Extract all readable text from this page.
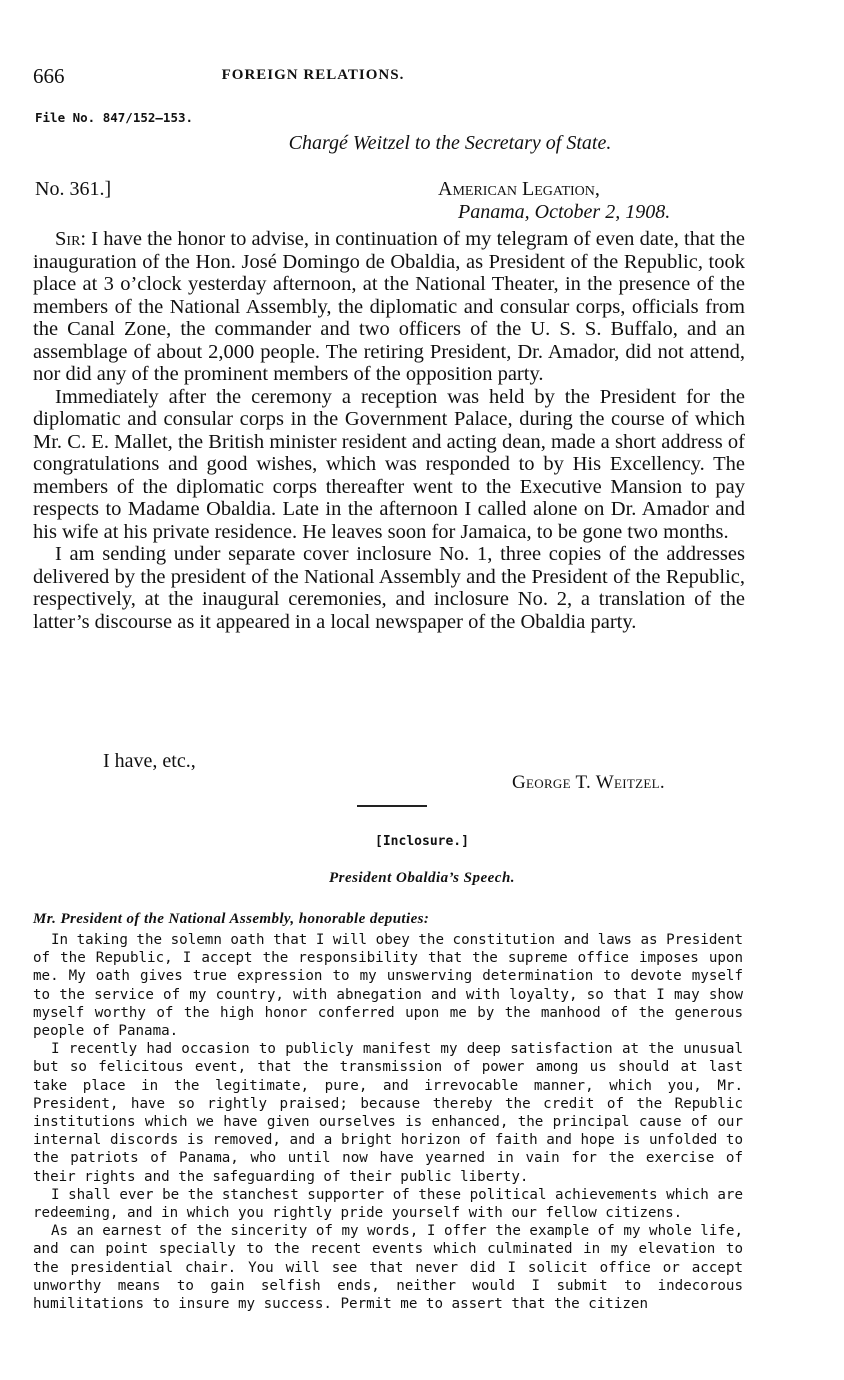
666	FOREIGN RELATIONS.
File No. 847/152–153.
Chargé Weitzel to the Secretary of State.
No. 361.]	American Legation,
Panama, October 2, 1908.

Sir: I have the honor to advise, in continuation of my telegram of even date, that the inauguration of the Hon. José Domingo de Obaldia, as President of the Republic, took place at 3 o’clock yesterday afternoon, at the National Theater, in the presence of the members of the National Assembly, the diplomatic and consular corps, officials from the Canal Zone, the commander and two officers of the U. S. S. Buffalo, and an assemblage of about 2,000 people. The retiring President, Dr. Amador, did not attend, nor did any of the prominent members of the opposition party.

Immediately after the ceremony a reception was held by the President for the diplomatic and consular corps in the Government Palace, during the course of which Mr. C. E. Mallet, the British minister resident and acting dean, made a short address of congratulations and good wishes, which was responded to by His Excellency. The members of the diplomatic corps thereafter went to the Executive Mansion to pay respects to Madame Obaldia. Late in the afternoon I called alone on Dr. Amador and his wife at his private residence. He leaves soon for Jamaica, to be gone two months.

I am sending under separate cover inclosure No. 1, three copies of the addresses delivered by the president of the National Assembly and the President of the Republic, respectively, at the inaugural ceremonies, and inclosure No. 2, a translation of the latter’s discourse as it appeared in a local newspaper of the Obaldia party.

I have, etc.,
George T. Weitzel.
[Inclosure.]
President Obaldia’s Speech.
Mr. President of the National Assembly, honorable deputies:

In taking the solemn oath that I will obey the constitution and laws as President of the Republic, I accept the responsibility that the supreme office imposes upon me. My oath gives true expression to my unswerving determination to devote myself to the service of my country, with abnegation and with loyalty, so that I may show myself worthy of the high honor conferred upon me by the manhood of the generous people of Panama.

I recently had occasion to publicly manifest my deep satisfaction at the unusual but so felicitous event, that the transmission of power among us should at last take place in the legitimate, pure, and irrevocable manner, which you, Mr. President, have so rightly praised; because thereby the credit of the Republic institutions which we have given ourselves is enhanced, the principal cause of our internal discords is removed, and a bright horizon of faith and hope is unfolded to the patriots of Panama, who until now have yearned in vain for the exercise of their rights and the safeguarding of their public liberty.

I shall ever be the stanchest supporter of these political achievements which are redeeming, and in which you rightly pride yourself with our fellow citizens.

As an earnest of the sincerity of my words, I offer the example of my whole life, and can point specially to the recent events which culminated in my elevation to the presidential chair. You will see that never did I solicit office or accept unworthy means to gain selfish ends, neither would I submit to indecorous humilitations to insure my success. Permit me to assert that the citizen
